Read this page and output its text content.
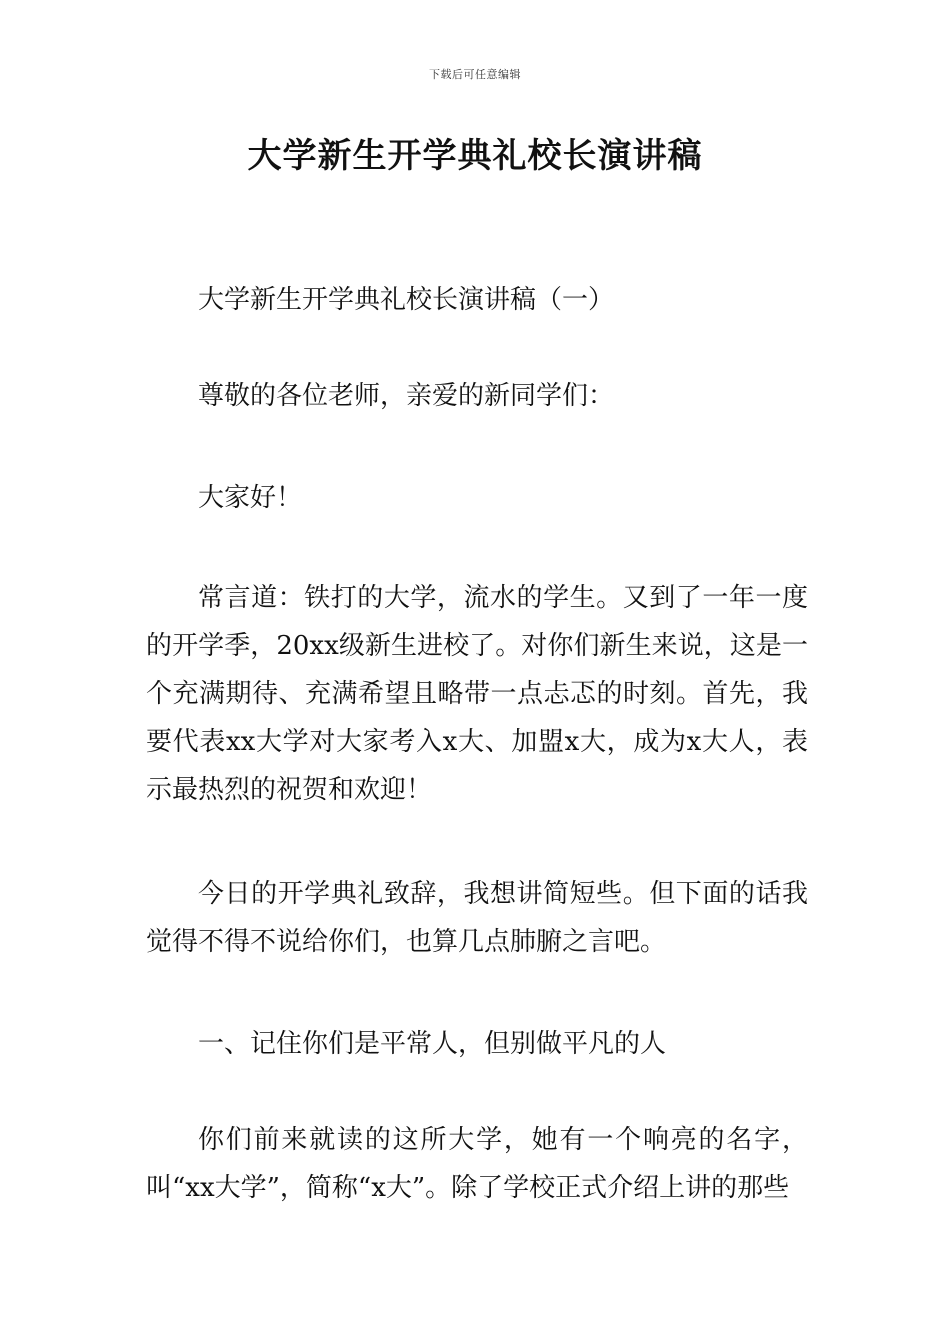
下载后可任意编辑
大学新生开学典礼校长演讲稿

大学新生开学典礼校长演讲稿（一）

尊敬的各位老师，亲爱的新同学们：

大家好！

常言道：铁打的大学，流水的学生。又到了一年一度的开学季，20xx级新生进校了。对你们新生来说，这是一个充满期待、充满希望且略带一点忐忑的时刻。首先，我要代表xx大学对大家考入x大、加盟x大，成为x大人，表示最热烈的祝贺和欢迎！

今日的开学典礼致辞，我想讲简短些。但下面的话我觉得不得不说给你们，也算几点肺腑之言吧。

一、记住你们是平常人，但别做平凡的人

你们前来就读的这所大学，她有一个响亮的名字，叫“xx大学”，简称“x大”。除了学校正式介绍上讲的那些
